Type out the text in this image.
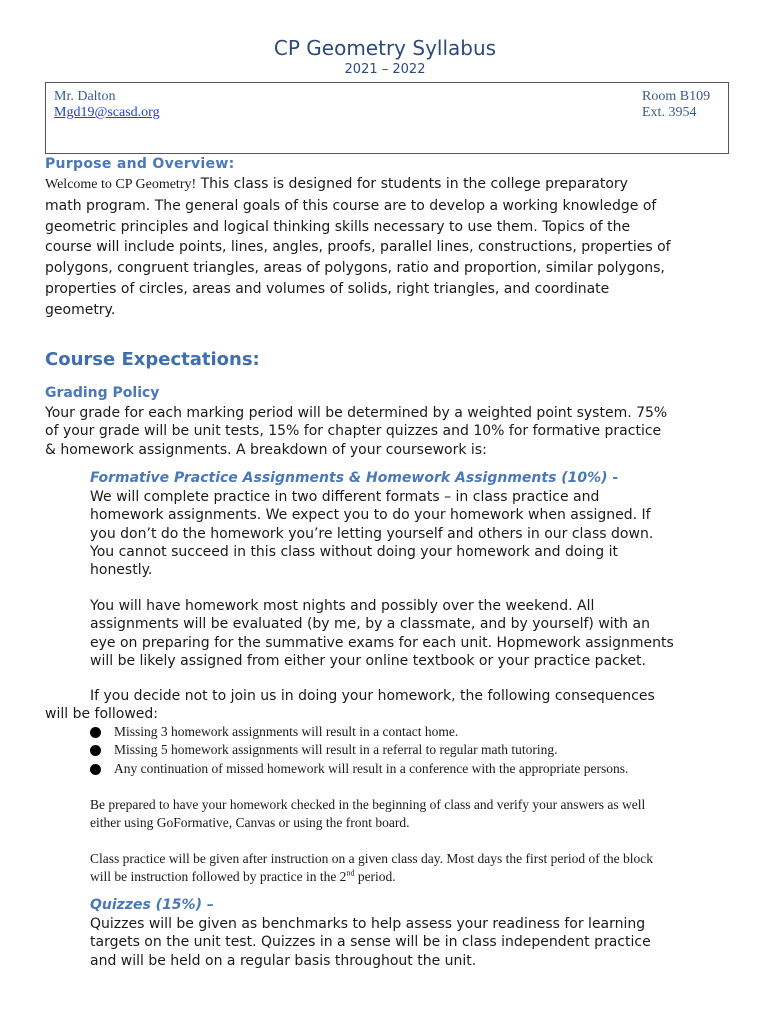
CP Geometry Syllabus
2021 – 2022
Mr. Dalton
Mgd19@scasd.org
Room B109
Ext. 3954
Purpose and Overview:
Welcome to CP Geometry! This class is designed for students in the college preparatory
math program. The general goals of this course are to develop a working knowledge of
geometric principles and logical thinking skills necessary to use them. Topics of the
course will include points, lines, angles, proofs, parallel lines, constructions, properties of
polygons, congruent triangles, areas of polygons, ratio and proportion, similar polygons,
properties of circles, areas and volumes of solids, right triangles, and coordinate
geometry.
Course Expectations:
Grading Policy
Your grade for each marking period will be determined by a weighted point system. 75%
of your grade will be unit tests, 15% for chapter quizzes and 10% for formative practice
& homework assignments. A breakdown of your coursework is:
Formative Practice Assignments & Homework Assignments (10%) -
We will complete practice in two different formats – in class practice and
homework assignments. We expect you to do your homework when assigned. If
you don’t do the homework you’re letting yourself and others in our class down.
You cannot succeed in this class without doing your homework and doing it
honestly.
You will have homework most nights and possibly over the weekend. All
assignments will be evaluated (by me, by a classmate, and by yourself) with an
eye on preparing for the summative exams for each unit. Hopmework assignments
will be likely assigned from either your online textbook or your practice packet.
If you decide not to join us in doing your homework, the following consequences
will be followed:
Missing 3 homework assignments will result in a contact home.
Missing 5 homework assignments will result in a referral to regular math tutoring.
Any continuation of missed homework will result in a conference with the appropriate persons.
Be prepared to have your homework checked in the beginning of class and verify your answers as well
either using GoFormative, Canvas or using the front board.
Class practice will be given after instruction on a given class day. Most days the first period of the block
will be instruction followed by practice in the 2nd period.
Quizzes (15%) –
Quizzes will be given as benchmarks to help assess your readiness for learning
targets on the unit test. Quizzes in a sense will be in class independent practice
and will be held on a regular basis throughout the unit.
